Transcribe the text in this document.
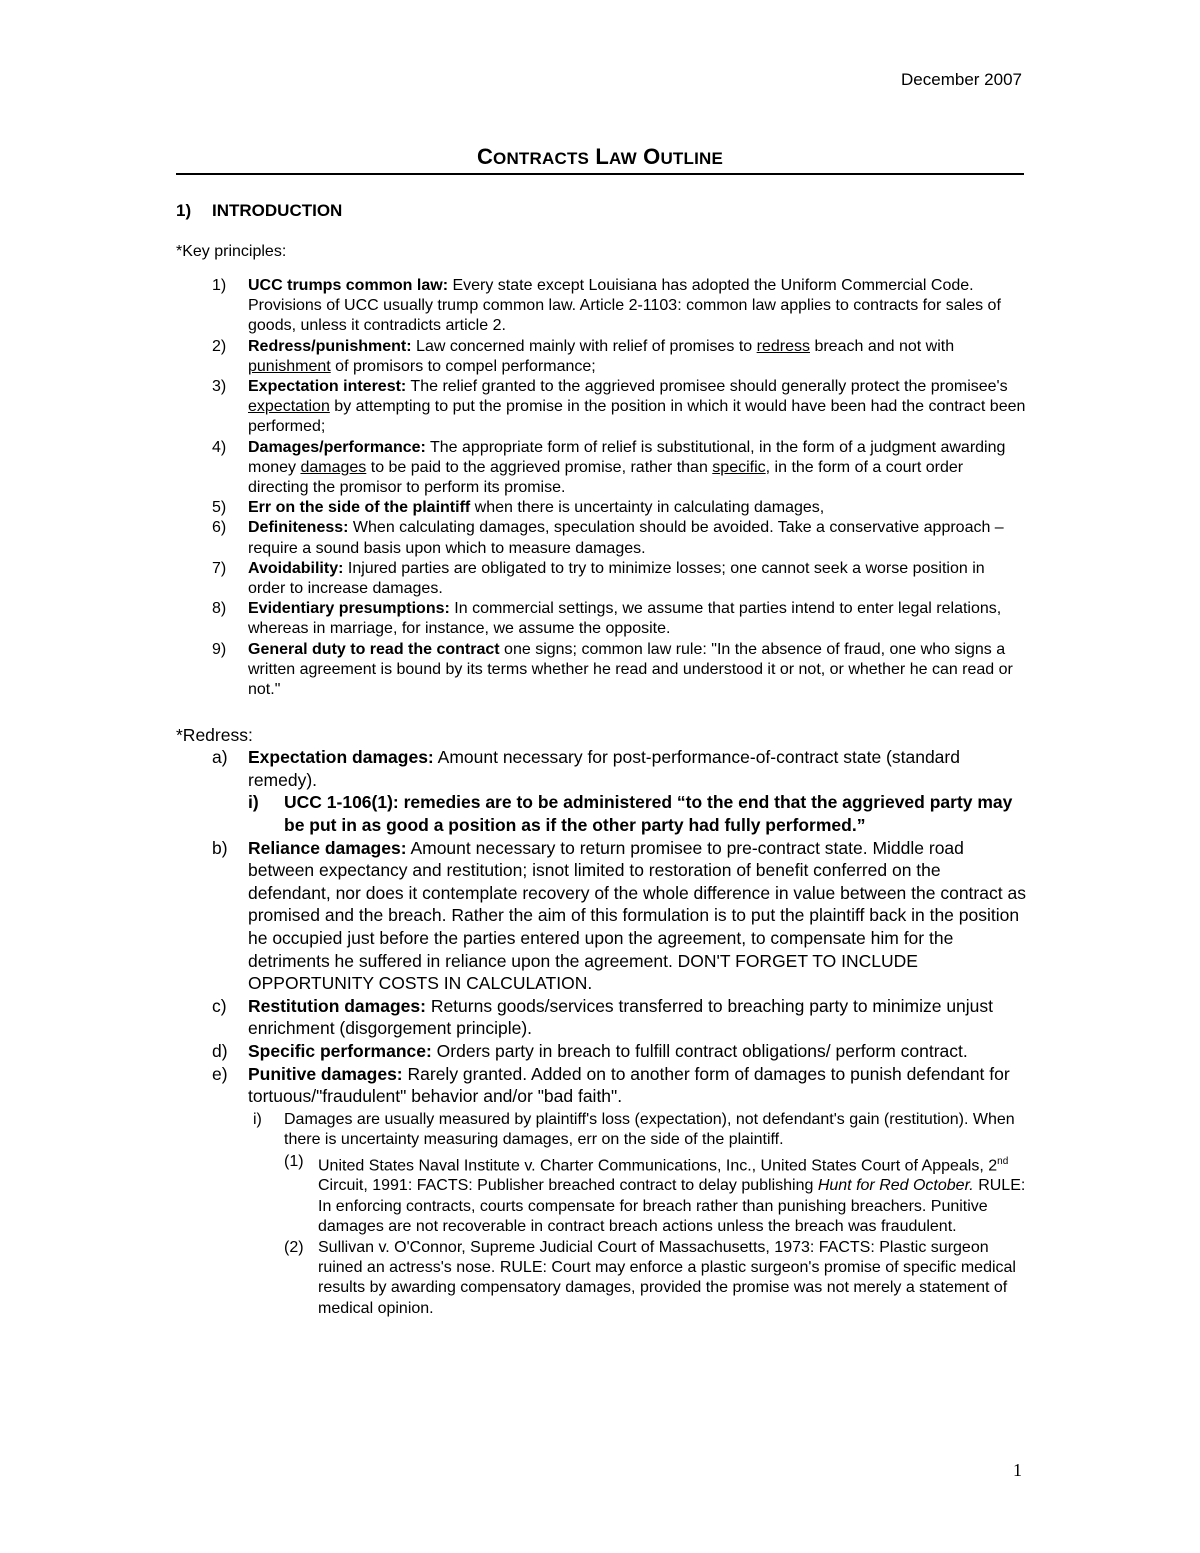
December 2007
CONTRACTS LAW OUTLINE
1) INTRODUCTION
*Key principles:
1) UCC trumps common law: Every state except Louisiana has adopted the Uniform Commercial Code. Provisions of UCC usually trump common law. Article 2-1103: common law applies to contracts for sales of goods, unless it contradicts article 2.
2) Redress/punishment: Law concerned mainly with relief of promises to redress breach and not with punishment of promisors to compel performance;
3) Expectation interest: The relief granted to the aggrieved promisee should generally protect the promisee's expectation by attempting to put the promise in the position in which it would have been had the contract been performed;
4) Damages/performance: The appropriate form of relief is substitutional, in the form of a judgment awarding money damages to be paid to the aggrieved promise, rather than specific, in the form of a court order directing the promisor to perform its promise.
5) Err on the side of the plaintiff when there is uncertainty in calculating damages,
6) Definiteness: When calculating damages, speculation should be avoided. Take a conservative approach – require a sound basis upon which to measure damages.
7) Avoidability: Injured parties are obligated to try to minimize losses; one cannot seek a worse position in order to increase damages.
8) Evidentiary presumptions: In commercial settings, we assume that parties intend to enter legal relations, whereas in marriage, for instance, we assume the opposite.
9) General duty to read the contract one signs; common law rule: "In the absence of fraud, one who signs a written agreement is bound by its terms whether he read and understood it or not, or whether he can read or not."
*Redress:
a) Expectation damages: Amount necessary for post-performance-of-contract state (standard remedy).
i) UCC 1-106(1): remedies are to be administered “to the end that the aggrieved party may be put in as good a position as if the other party had fully performed.”
b) Reliance damages: Amount necessary to return promisee to pre-contract state. Middle road between expectancy and restitution; isnot limited to restoration of benefit conferred on the defendant, nor does it contemplate recovery of the whole difference in value between the contract as promised and the breach. Rather the aim of this formulation is to put the plaintiff back in the position he occupied just before the parties entered upon the agreement, to compensate him for the detriments he suffered in reliance upon the agreement. DON'T FORGET TO INCLUDE OPPORTUNITY COSTS IN CALCULATION.
c) Restitution damages: Returns goods/services transferred to breaching party to minimize unjust enrichment (disgorgement principle).
d) Specific performance: Orders party in breach to fulfill contract obligations/ perform contract.
e) Punitive damages: Rarely granted. Added on to another form of damages to punish defendant for tortuous/"fraudulent" behavior and/or "bad faith".
i) Damages are usually measured by plaintiff's loss (expectation), not defendant's gain (restitution). When there is uncertainty measuring damages, err on the side of the plaintiff.
(1) United States Naval Institute v. Charter Communications, Inc., United States Court of Appeals, 2nd Circuit, 1991: FACTS: Publisher breached contract to delay publishing Hunt for Red October. RULE: In enforcing contracts, courts compensate for breach rather than punishing breachers. Punitive damages are not recoverable in contract breach actions unless the breach was fraudulent.
(2) Sullivan v. O'Connor, Supreme Judicial Court of Massachusetts, 1973: FACTS: Plastic surgeon ruined an actress's nose. RULE: Court may enforce a plastic surgeon's promise of specific medical results by awarding compensatory damages, provided the promise was not merely a statement of medical opinion.
1
